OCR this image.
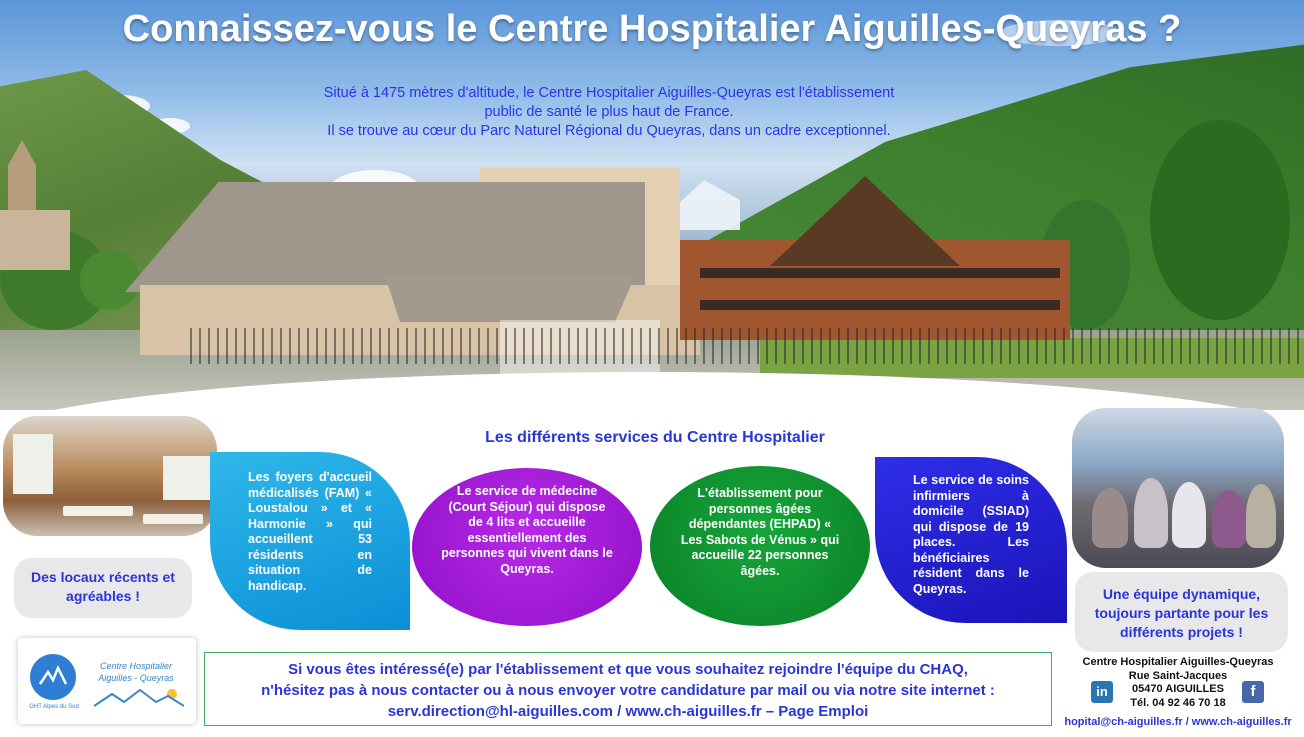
Connaissez-vous le Centre Hospitalier Aiguilles-Queyras ?
Situé à 1475 mètres d'altitude, le Centre Hospitalier Aiguilles-Queyras est l'établissement
public de santé le plus haut de France.
Il se trouve au cœur du Parc Naturel Régional du Queyras, dans un cadre exceptionnel.
Les différents services du Centre Hospitalier
Des locaux récents et agréables !	Une équipe dynamique, toujours partante pour les différents projets !
Les foyers d'accueil médicalisés (FAM) « Loustalou » et « Harmonie » qui accueillent 53 résidents en situation de handicap.
Le service de médecine (Court Séjour) qui dispose de 4 lits et accueille essentiellement des personnes qui vivent dans le Queyras.
L'établissement pour personnes âgées dépendantes (EHPAD) « Les Sabots de Vénus » qui accueille 22 personnes âgées.
Le service de soins infirmiers à domicile (SSIAD) qui dispose de 19 places. Les bénéficiaires résident dans le Queyras.
GHT Alpes du Sud
Centre Hospitalier
Aiguilles - Queyras	Si vous êtes intéressé(e) par l'établissement et que vous souhaitez rejoindre l'équipe du CHAQ,
n'hésitez pas à nous contacter ou à nous envoyer votre candidature par mail ou via notre site internet :
serv.direction@hl-aiguilles.com / www.ch-aiguilles.fr – Page Emploi
Centre Hospitalier Aiguilles-Queyras
Rue Saint-Jacques
05470 AIGUILLES
Tél. 04 92 46 70 18
in	f
hopital@ch-aiguilles.fr / www.ch-aiguilles.fr
